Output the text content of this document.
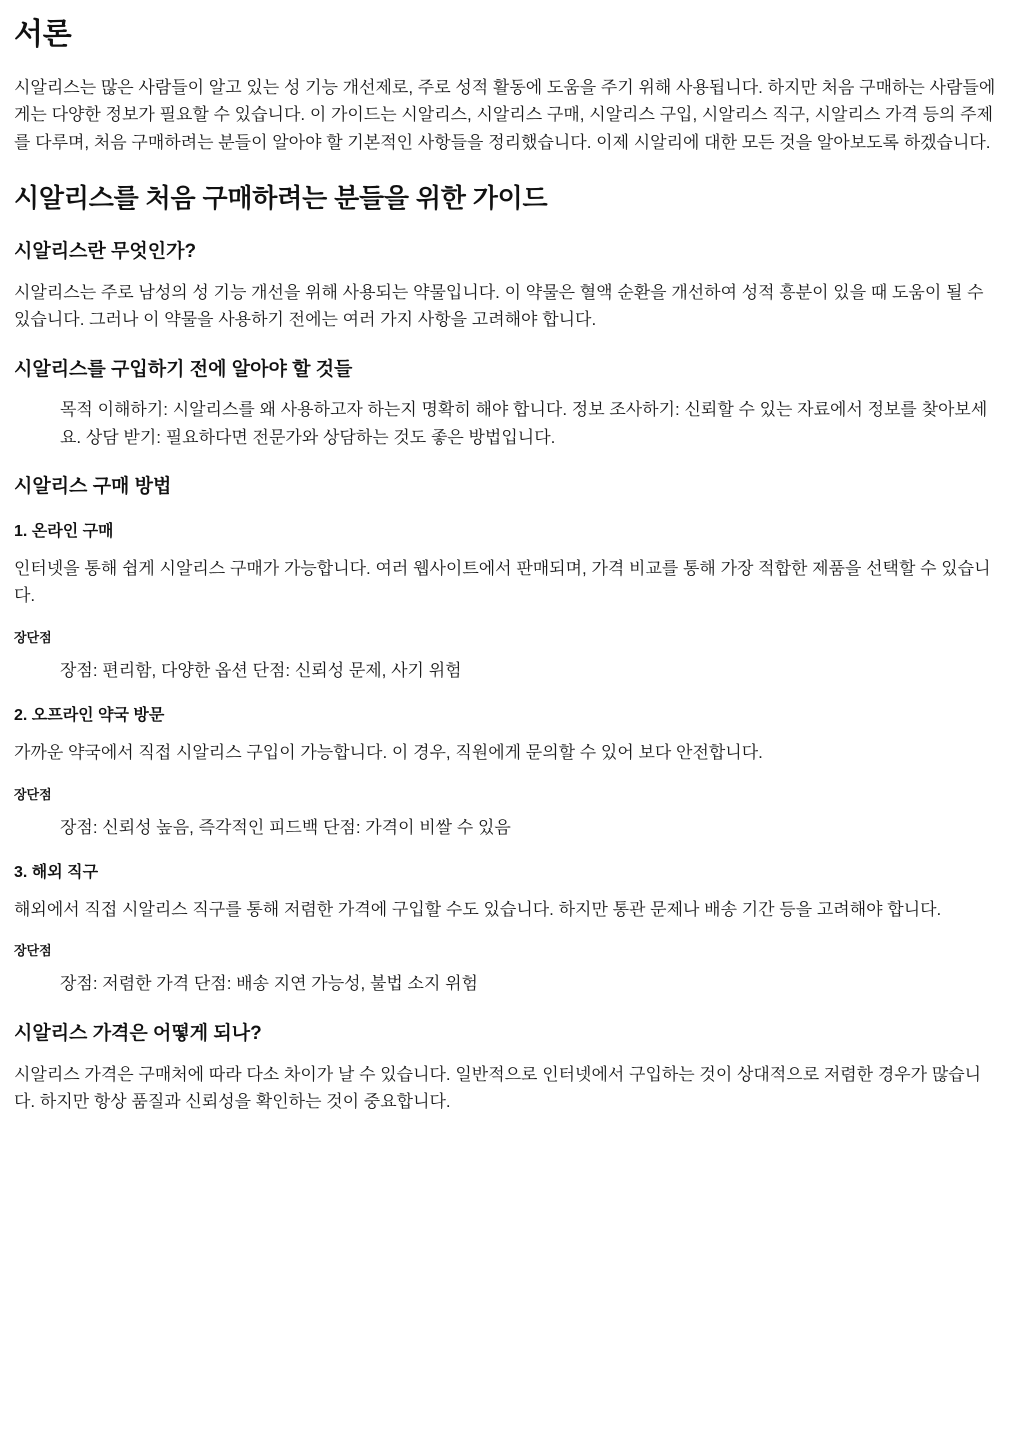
서론

시알리스는 많은 사람들이 알고 있는 성 기능 개선제로, 주로 성적 활동에 도움을 주기 위해 사용됩니다. 하지만 처음 구매하는 사람들에게는 다양한 정보가 필요할 수 있습니다. 이 가이드는 시알리스, 시알리스 구매, 시알리스 구입, 시알리스 직구, 시알리스 가격 등의 주제를 다루며, 처음 구매하려는 분들이 알아야 할 기본적인 사항들을 정리했습니다. 이제 시알리에 대한 모든 것을 알아보도록 하겠습니다.

시알리스를 처음 구매하려는 분들을 위한 가이드
시알리스란 무엇인가?

시알리스는 주로 남성의 성 기능 개선을 위해 사용되는 약물입니다. 이 약물은 혈액 순환을 개선하여 성적 흥분이 있을 때 도움이 될 수 있습니다. 그러나 이 약물을 사용하기 전에는 여러 가지 사항을 고려해야 합니다.

시알리스를 구입하기 전에 알아야 할 것들

목적 이해하기: 시알리스를 왜 사용하고자 하는지 명확히 해야 합니다. 정보 조사하기: 신뢰할 수 있는 자료에서 정보를 찾아보세요. 상담 받기: 필요하다면 전문가와 상담하는 것도 좋은 방법입니다.

시알리스 구매 방법
1. 온라인 구매

인터넷을 통해 쉽게 시알리스 구매가 가능합니다. 여러 웹사이트에서 판매되며, 가격 비교를 통해 가장 적합한 제품을 선택할 수 있습니다.

장단점

장점: 편리함, 다양한 옵션 단점: 신뢰성 문제, 사기 위험

2. 오프라인 약국 방문

가까운 약국에서 직접 시알리스 구입이 가능합니다. 이 경우, 직원에게 문의할 수 있어 보다 안전합니다.

장단점

장점: 신뢰성 높음, 즉각적인 피드백 단점: 가격이 비쌀 수 있음

3. 해외 직구

해외에서 직접 시알리스 직구를 통해 저렴한 가격에 구입할 수도 있습니다. 하지만 통관 문제나 배송 기간 등을 고려해야 합니다.

장단점

장점: 저렴한 가격 단점: 배송 지연 가능성, 불법 소지 위험

시알리스 가격은 어떻게 되나?

시알리스 가격은 구매처에 따라 다소 차이가 날 수 있습니다. 일반적으로 인터넷에서 구입하는 것이 상대적으로 저렴한 경우가 많습니다. 하지만 항상 품질과 신뢰성을 확인하는 것이 중요합니다.
